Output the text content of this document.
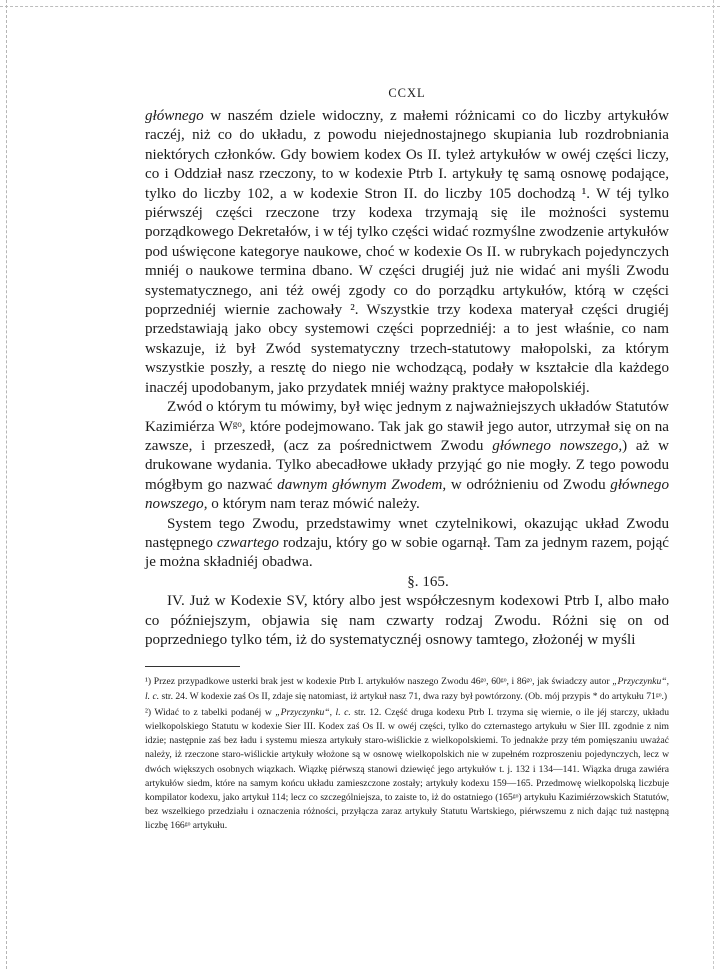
CCXL

głównego w naszém dziele widoczny, z małemi różnicami co do liczby artykułów raczéj, niż co do układu, z powodu niejednostajnego skupiania lub rozdrobniania niektórych członków. Gdy bowiem kodex Os II. tyleż artykułów w owéj części liczy, co i Oddział nasz rzeczony, to w kodexie Ptrb I. artykuły tę samą osnowę podające, tylko do liczby 102, a w kodexie Stron II. do liczby 105 dochodzą ¹. W téj tylko piérwszéj części rzeczone trzy kodexa trzymają się ile możności systemu porządkowego Dekretałów, i w téj tylko części widać rozmyślne zwodzenie artykułów pod uświęcone kategorye naukowe, choć w kodexie Os II. w rubrykach pojedynczych mniéj o naukowe termina dbano. W części drugiéj już nie widać ani myśli Zwodu systematycznego, ani téż owéj zgody co do porządku artykułów, którą w części poprzedniéj wiernie zachowały ². Wszystkie trzy kodexa materyał części drugiéj przedstawiają jako obcy systemowi części poprzedniéj: a to jest właśnie, co nam wskazuje, iż był Zwód systematyczny trzech-statutowy małopolski, za którym wszystkie poszły, a resztę do niego nie wchodzącą, podały w kształcie dla każdego inaczéj upodobanym, jako przydatek mniéj ważny praktyce małopolskiéj.

Zwód o którym tu mówimy, był więc jednym z najważniejszych układów Statutów Kazimiérza Wᵍᵒ, które podejmowano. Tak jak go stawił jego autor, utrzymał się on na zawsze, i przeszedł, (acz za pośrednictwem Zwodu głównego nowszego,) aż w drukowane wydania. Tylko abecadłowe układy przyjąć go nie mogły. Z tego powodu mógłbym go nazwać dawnym głównym Zwodem, w odróżnieniu od Zwodu głównego nowszego, o którym nam teraz mówić należy.

System tego Zwodu, przedstawimy wnet czytelnikowi, okazując układ Zwodu następnego czwartego rodzaju, który go w sobie ogarnął. Tam za jednym razem, pojąć je można składniéj obadwa.

§. 165.

IV. Już w Kodexie SV, który albo jest współczesnym kodexowi Ptrb I, albo mało co późniejszym, objawia się nam czwarty rodzaj Zwodu. Różni się on od poprzedniego tylko tém, iż do systematycznéj osnowy tamtego, złożonéj w myśli

¹) Przez przypadkowe usterki brak jest w kodexie Ptrb I. artykułów naszego Zwodu 46ᵍᵒ, 60ᵍᵒ, i 86ᵍᵒ, jak świadczy autor „Przyczynku“, l. c. str. 24. W kodexie zaś Os II, zdaje się natomiast, iż artykuł nasz 71, dwa razy był powtórzony. (Ob. mój przypis * do artykułu 71ᵍᵒ.)

²) Widać to z tabelki podanéj w „Przyczynku“, l. c. str. 12. Część druga kodexu Ptrb I. trzyma się wiernie, o ile jéj starczy, układu wielkopolskiego Statutu w kodexie Sier III. Kodex zaś Os II. w owéj części, tylko do czternastego artykułu w Sier III. zgodnie z nim idzie; następnie zaś bez ładu i systemu miesza artykuły staro-wiślickie z wielkopolskiemi. To jednakże przy tém pomięszaniu uważać należy, iż rzeczone staro-wiślickie artykuły włożone są w osnowę wielkopolskich nie w zupełném rozproszeniu pojedynczych, lecz w dwóch większych osobnych wiązkach. Wiązkę piérwszą stanowi dziewięć jego artykułów t. j. 132 i 134—141. Wiązka druga zawiéra artykułów siedm, które na samym końcu układu zamieszczone zostały; artykuły kodexu 159—165. Przedmowę wielkopolską liczbuje kompilator kodexu, jako artykuł 114; lecz co szczególniejsza, to zaiste to, iż do ostatniego (165ᵍᵒ) artykułu Kazimiérzowskich Statutów, bez wszelkiego przedziału i oznaczenia różności, przyłącza zaraz artykuły Statutu Wartskiego, piérwszemu z nich dając tuż następną liczbę 166ᵍᵒ artykułu.
